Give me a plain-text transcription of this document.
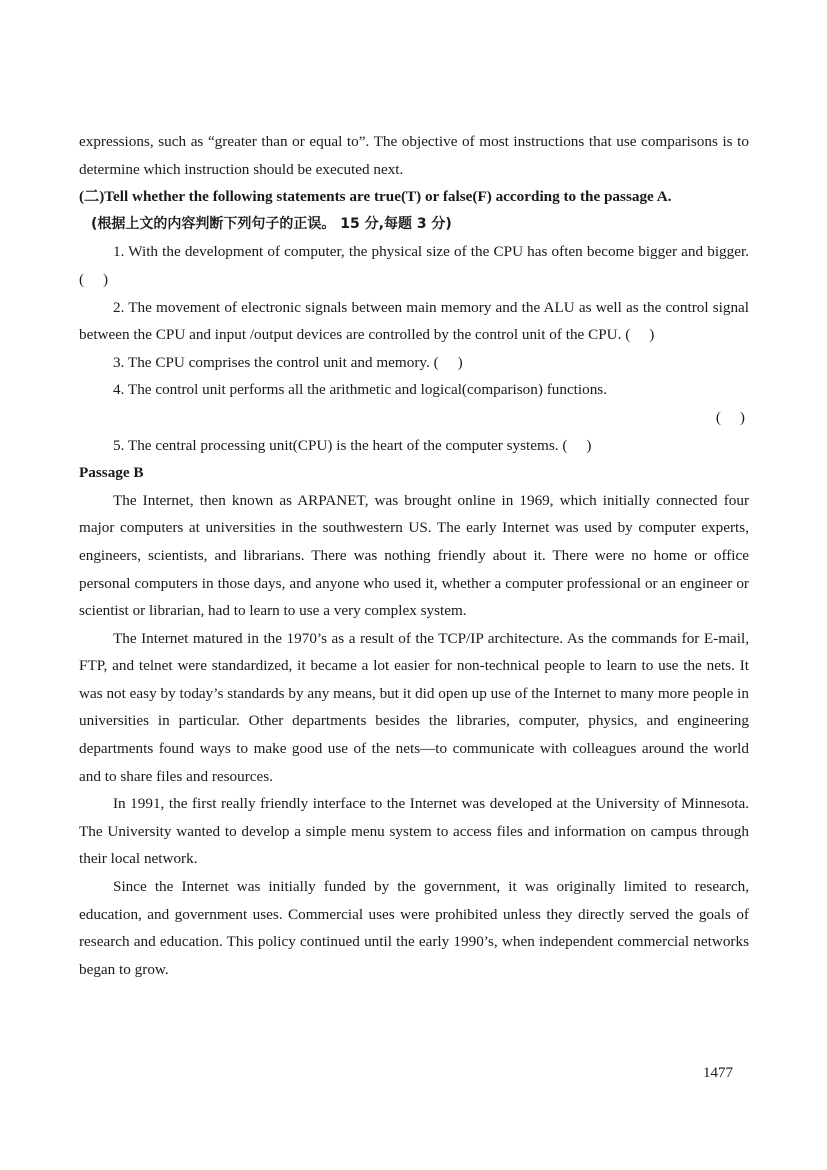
expressions, such as “greater than or equal to”. The objective of most instructions that use comparisons is to determine which instruction should be executed next.

(二)Tell whether the following statements are true(T) or false(F) according to the passage A.

(根据上文的内容判断下列句子的正误。 15 分,每题 3 分)

1. With the development of computer, the physical size of the CPU has often become bigger and bigger. (     )

2. The movement of electronic signals between main memory and the ALU as well as the control signal between the CPU and input /output devices are controlled by the control unit of the CPU. (     )

3. The CPU comprises the control unit and memory. (     )

4. The control unit performs all the arithmetic and logical(comparison) functions.

(     )

5. The central processing unit(CPU) is the heart of the computer systems. (     )

Passage B

The Internet, then known as ARPANET, was brought online in 1969, which initially connected four major computers at universities in the southwestern US. The early Internet was used by computer experts, engineers, scientists, and librarians. There was nothing friendly about it. There were no home or office personal computers in those days, and anyone who used it, whether a computer professional or an engineer or scientist or librarian, had to learn to use a very complex system.

The Internet matured in the 1970’s as a result of the TCP/IP architecture. As the commands for E-mail, FTP, and telnet were standardized, it became a lot easier for non-technical people to learn to use the nets. It was not easy by today’s standards by any means, but it did open up use of the Internet to many more people in universities in particular. Other departments besides the libraries, computer, physics, and engineering departments found ways to make good use of the nets—to communicate with colleagues around the world and to share files and resources.

In 1991, the first really friendly interface to the Internet was developed at the University of Minnesota. The University wanted to develop a simple menu system to access files and information on campus through their local network.

Since the Internet was initially funded by the government, it was originally limited to research, education, and government uses. Commercial uses were prohibited unless they directly served the goals of research and education. This policy continued until the early 1990’s, when independent commercial networks began to grow.

1477
